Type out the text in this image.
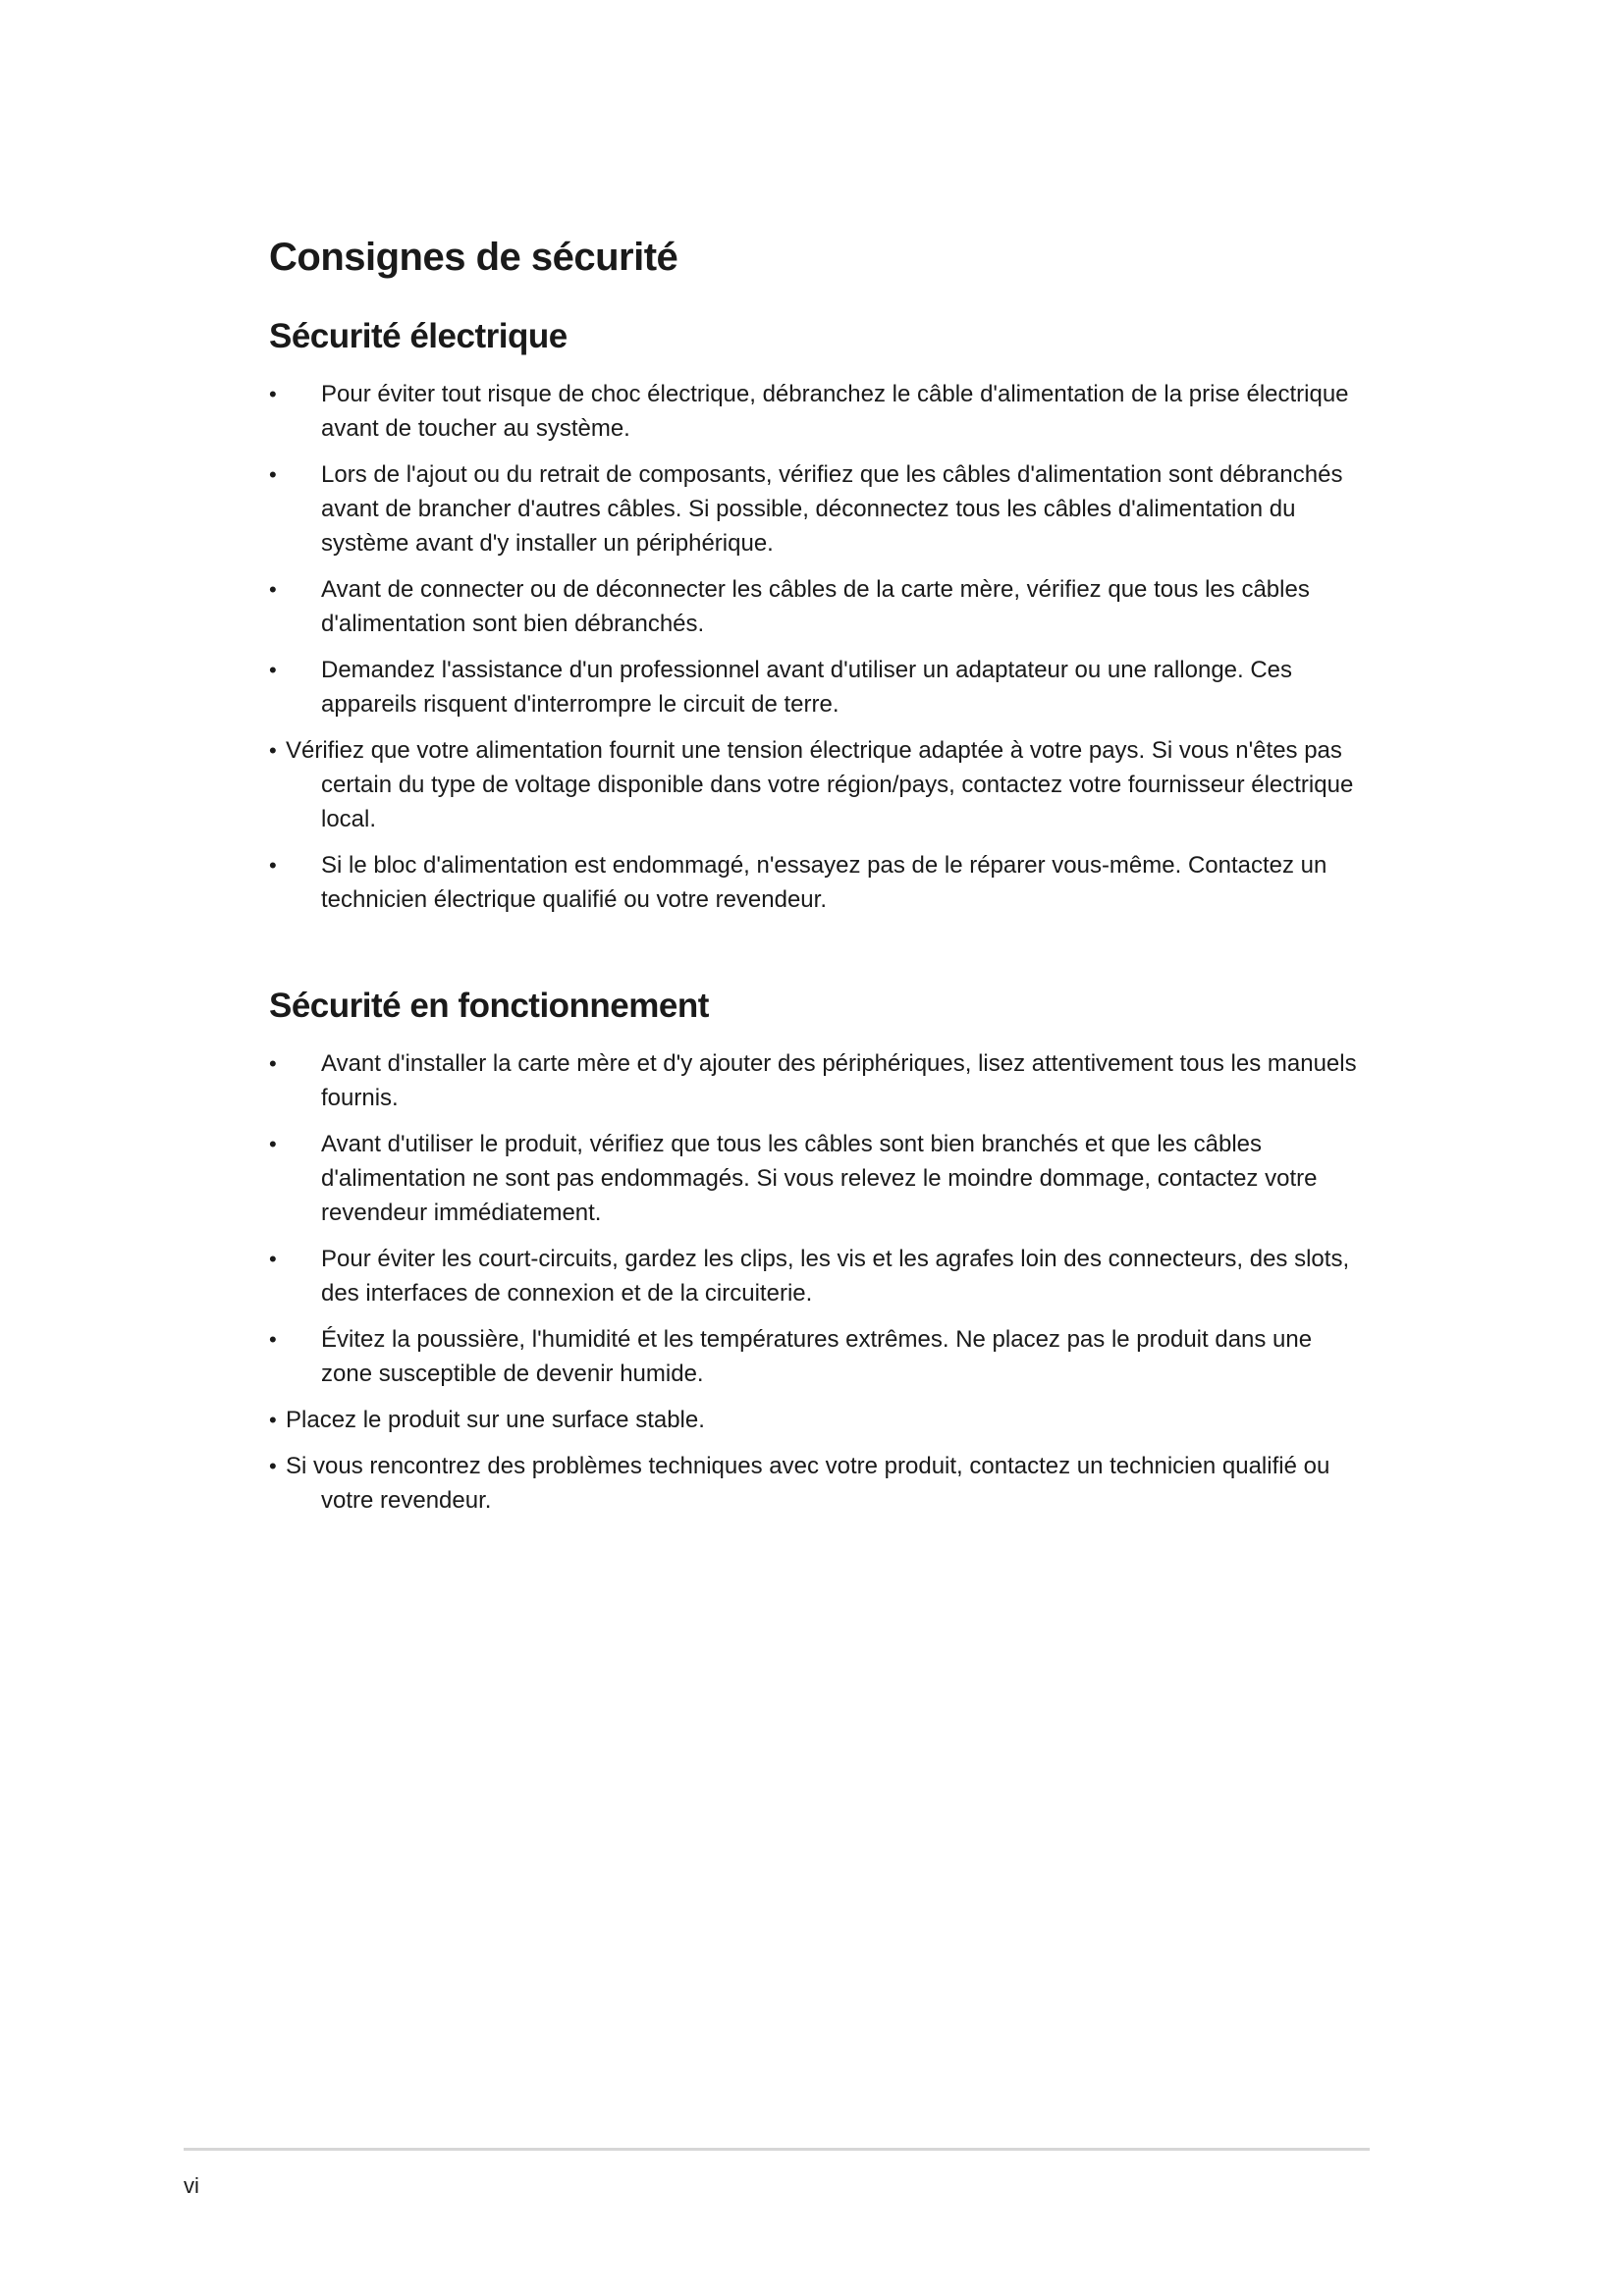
Consignes de sécurité
Sécurité électrique
•	Pour éviter tout risque de choc électrique, débranchez le câble d'alimentation de la prise électrique avant de toucher au système.
•	Lors de l'ajout ou du retrait de composants, vérifiez que les câbles d'alimentation sont débranchés avant de brancher d'autres câbles. Si possible, déconnectez tous les câbles d'alimentation du système avant d'y installer un périphérique.
•	Avant de connecter ou de déconnecter les câbles de la carte mère, vérifiez que tous les câbles d'alimentation sont bien débranchés.
•	Demandez l'assistance d'un professionnel avant d'utiliser un adaptateur ou une rallonge. Ces appareils risquent d'interrompre le circuit de terre.
• Vérifiez que votre alimentation fournit une tension électrique adaptée à votre pays. Si vous n'êtes pas certain du type de voltage disponible dans votre région/pays, contactez votre fournisseur électrique local.
•	Si le bloc d'alimentation est endommagé, n'essayez pas de le réparer vous-même. Contactez un technicien électrique qualifié ou votre revendeur.
Sécurité en fonctionnement
•	Avant d'installer la carte mère et d'y ajouter des périphériques, lisez attentivement tous les manuels fournis.
•	Avant d'utiliser le produit, vérifiez que tous les câbles sont bien branchés et que les câbles d'alimentation ne sont pas endommagés. Si vous relevez le moindre dommage, contactez votre revendeur immédiatement.
•	Pour éviter les court-circuits, gardez les clips, les vis et les agrafes loin des connecteurs, des slots, des interfaces de connexion et de la circuiterie.
•	Évitez la poussière, l'humidité et les températures extrêmes. Ne placez pas le produit dans une zone susceptible de devenir humide.
• Placez le produit sur une surface stable.
• Si vous rencontrez des problèmes techniques avec votre produit, contactez un technicien qualifié ou votre revendeur.
vi
